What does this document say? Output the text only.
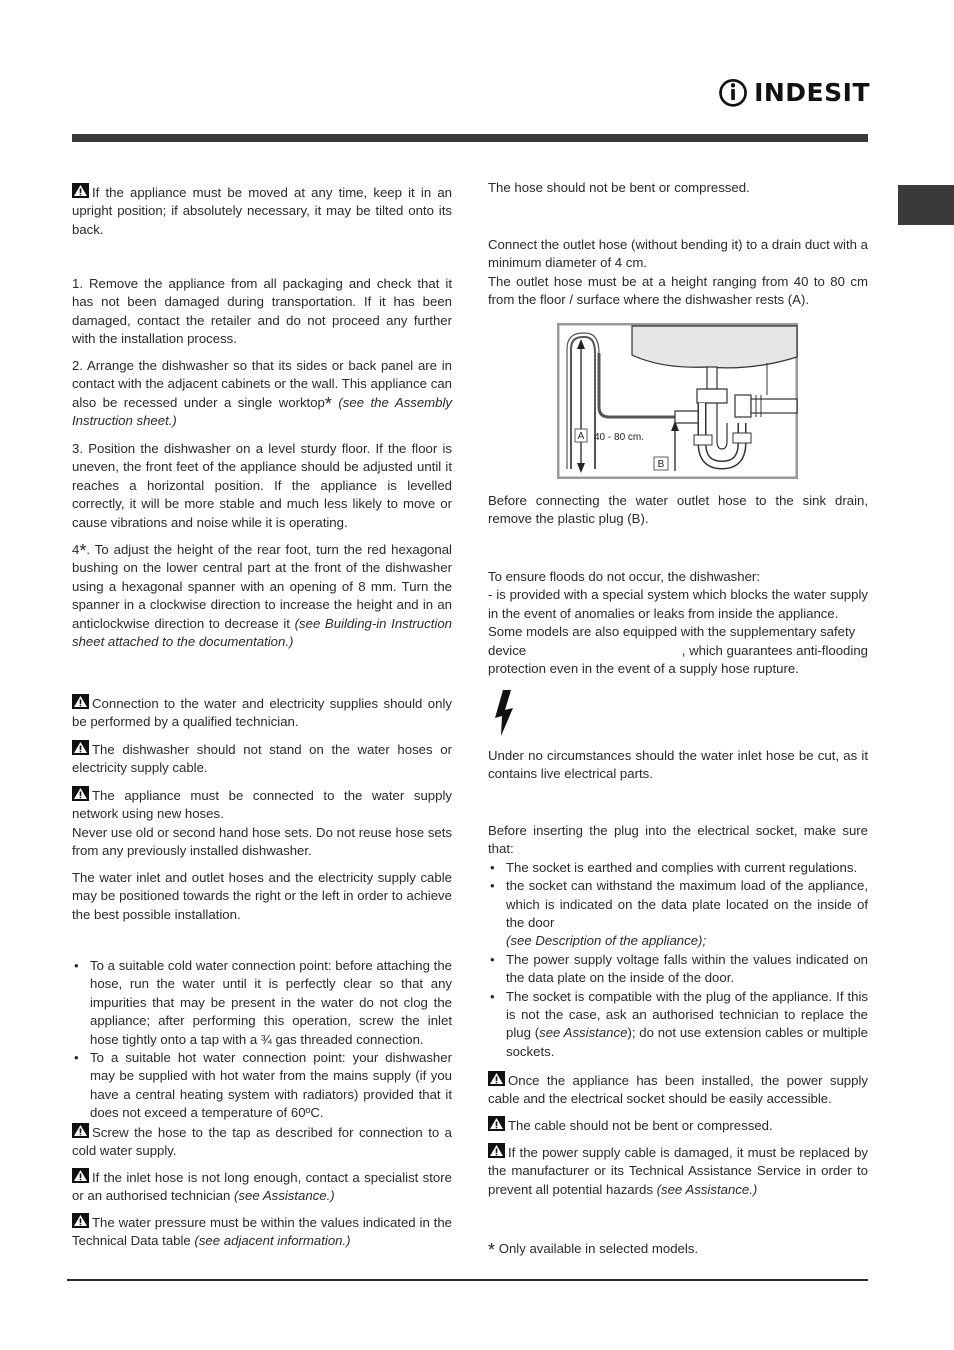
INDESIT

If the appliance must be moved at any time, keep it in an upright position; if absolutely necessary, it may be tilted onto its back.

1. Remove the appliance from all packaging and check that it has not been damaged during transportation. If it has been damaged, contact the retailer and do not proceed any further with the installation process.

2. Arrange the dishwasher so that its sides or back panel are in contact with the adjacent cabinets or the wall. This appliance can also be recessed under a single worktop* (see the Assembly Instruction sheet.)

3. Position the dishwasher on a level sturdy floor. If the floor is uneven, the front feet of the appliance should be adjusted until it reaches a horizontal position. If the appliance is levelled correctly, it will be more stable and much less likely to move or cause vibrations and noise while it is operating.

4*. To adjust the height of the rear foot, turn the red hexagonal bushing on the lower central part at the front of the dishwasher using a hexagonal spanner with an opening of 8 mm. Turn the spanner in a clockwise direction to increase the height and in an anticlockwise direction to decrease it (see Building-in Instruction sheet attached to the documentation.)

Connection to the water and electricity supplies should only be performed by a qualified technician.

The dishwasher should not stand on the water hoses or electricity supply cable.

The appliance must be connected to the water supply network using new hoses.

Never use old or second hand hose sets. Do not reuse hose sets from any previously installed dishwasher.

The water inlet and outlet hoses and the electricity supply cable may be positioned towards the right or the left in order to achieve the best possible installation.

• To a suitable cold water connection point: before attaching the hose, run the water until it is perfectly clear so that any impurities that may be present in the water do not clog the appliance; after performing this operation, screw the inlet hose tightly onto a tap with a ¾ gas threaded connection.
• To a suitable hot water connection point: your dishwasher may be supplied with hot water from the mains supply (if you have a central heating system with radiators) provided that it does not exceed a temperature of 60ºC.

Screw the hose to the tap as described for connection to a cold water supply.

If the inlet hose is not long enough, contact a specialist store or an authorised technician (see Assistance.)

The water pressure must be within the values indicated in the Technical Data table (see adjacent information.)

The hose should not be bent or compressed.

Connect the outlet hose (without bending it) to a drain duct with a minimum diameter of 4 cm.

The outlet hose must be at a height ranging from 40 to 80 cm from the floor / surface where the dishwasher rests (A).

A 40 - 80 cm.
B

Before connecting the water outlet hose to the sink drain, remove the plastic plug (B).

To ensure floods do not occur, the dishwasher:

- is provided with a special system which blocks the water supply in the event of anomalies or leaks from inside the appliance.

Some models are also equipped with the supplementary safety

device	, which guarantees anti-flooding

protection even in the event of a supply hose rupture.

Under no circumstances should the water inlet hose be cut, as it contains live electrical parts.

Before inserting the plug into the electrical socket, make sure that:

• The socket is earthed and complies with current regulations.
• the socket can withstand the maximum load of the appliance, which is indicated on the data plate located on the inside of the door
(see Description of the appliance);
• The power supply voltage falls within the values indicated on the data plate on the inside of the door.
• The socket is compatible with the plug of the appliance. If this is not the case, ask an authorised technician to replace the plug (see Assistance); do not use extension cables or multiple sockets.

Once the appliance has been installed, the power supply cable and the electrical socket should be easily accessible.

The cable should not be bent or compressed.

If the power supply cable is damaged, it must be replaced by the manufacturer or its Technical Assistance Service in order to prevent all potential hazards (see Assistance.)

* Only available in selected models.
